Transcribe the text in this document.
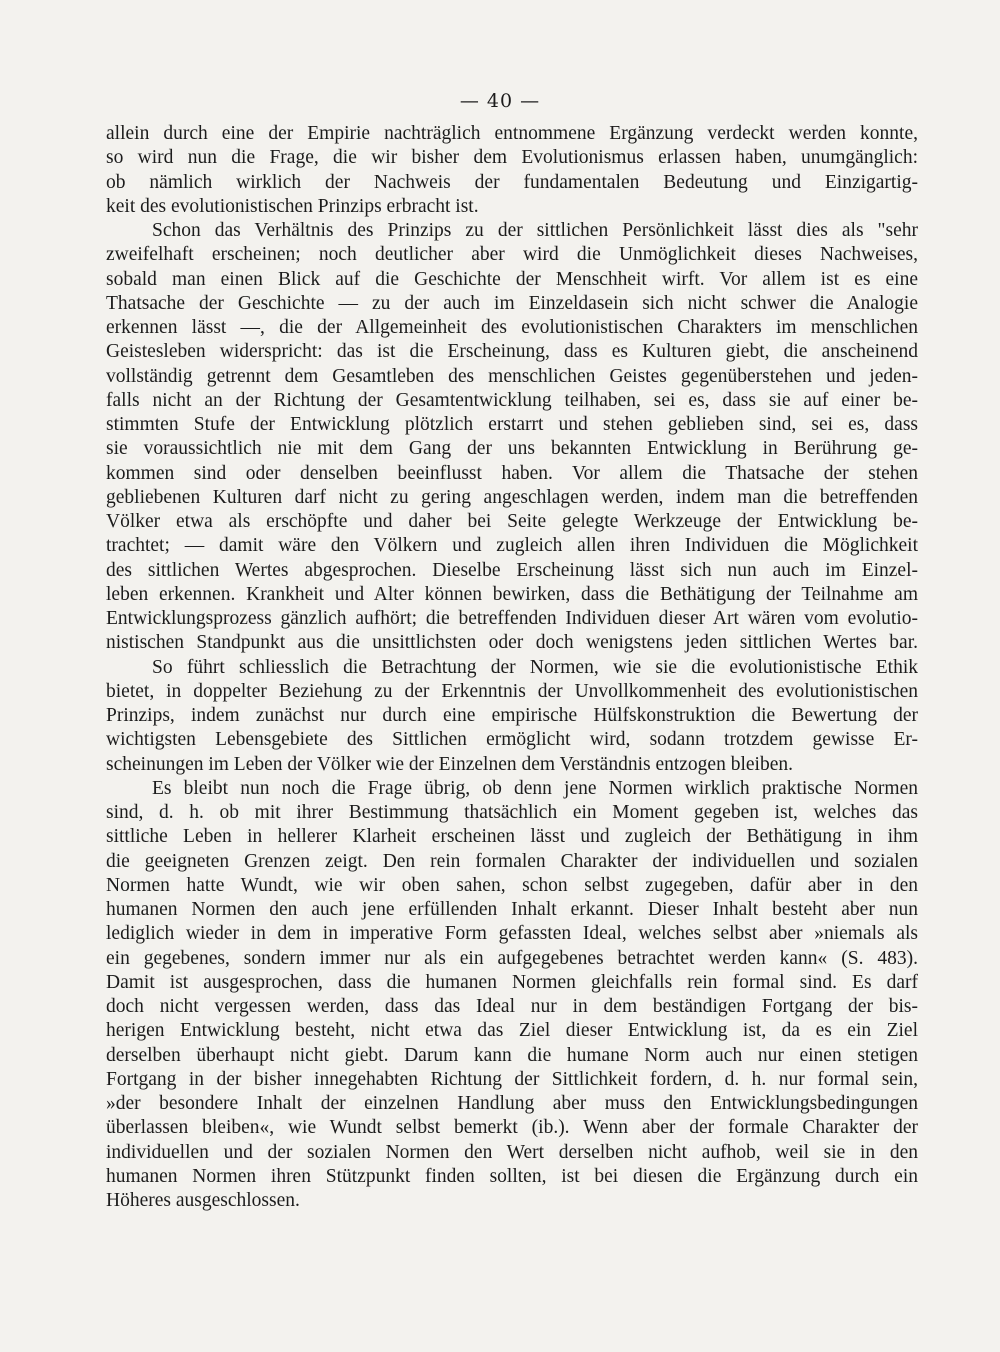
— 40 —
allein durch eine der Empirie nachträglich entnommene Ergänzung verdeckt werden konnte,
so wird nun die Frage, die wir bisher dem Evolutionismus erlassen haben, unumgänglich:
ob nämlich wirklich der Nachweis der fundamentalen Bedeutung und Einzigartig-
keit des evolutionistischen Prinzips erbracht ist.
Schon das Verhältnis des Prinzips zu der sittlichen Persönlichkeit lässt dies als "sehr
zweifelhaft erscheinen; noch deutlicher aber wird die Unmöglichkeit dieses Nachweises,
sobald man einen Blick auf die Geschichte der Menschheit wirft. Vor allem ist es eine
Thatsache der Geschichte — zu der auch im Einzeldasein sich nicht schwer die Analogie
erkennen lässt —, die der Allgemeinheit des evolutionistischen Charakters im menschlichen
Geistesleben widerspricht: das ist die Erscheinung, dass es Kulturen giebt, die anscheinend
vollständig getrennt dem Gesamtleben des menschlichen Geistes gegenüberstehen und jeden-
falls nicht an der Richtung der Gesamtentwicklung teilhaben, sei es, dass sie auf einer be-
stimmten Stufe der Entwicklung plötzlich erstarrt und stehen geblieben sind, sei es, dass
sie voraussichtlich nie mit dem Gang der uns bekannten Entwicklung in Berührung ge-
kommen sind oder denselben beeinflusst haben. Vor allem die Thatsache der stehen
gebliebenen Kulturen darf nicht zu gering angeschlagen werden, indem man die betreffenden
Völker etwa als erschöpfte und daher bei Seite gelegte Werkzeuge der Entwicklung be-
trachtet; — damit wäre den Völkern und zugleich allen ihren Individuen die Möglichkeit
des sittlichen Wertes abgesprochen. Dieselbe Erscheinung lässt sich nun auch im Einzel-
leben erkennen. Krankheit und Alter können bewirken, dass die Bethätigung der Teilnahme am
Entwicklungsprozess gänzlich aufhört; die betreffenden Individuen dieser Art wären vom evolutio-
nistischen Standpunkt aus die unsittlichsten oder doch wenigstens jeden sittlichen Wertes bar.
So führt schliesslich die Betrachtung der Normen, wie sie die evolutionistische Ethik
bietet, in doppelter Beziehung zu der Erkenntnis der Unvollkommenheit des evolutionistischen
Prinzips, indem zunächst nur durch eine empirische Hülfskonstruktion die Bewertung der
wichtigsten Lebensgebiete des Sittlichen ermöglicht wird, sodann trotzdem gewisse Er-
scheinungen im Leben der Völker wie der Einzelnen dem Verständnis entzogen bleiben.
Es bleibt nun noch die Frage übrig, ob denn jene Normen wirklich praktische Normen
sind, d. h. ob mit ihrer Bestimmung thatsächlich ein Moment gegeben ist, welches das
sittliche Leben in hellerer Klarheit erscheinen lässt und zugleich der Bethätigung in ihm
die geeigneten Grenzen zeigt. Den rein formalen Charakter der individuellen und sozialen
Normen hatte Wundt, wie wir oben sahen, schon selbst zugegeben, dafür aber in den
humanen Normen den auch jene erfüllenden Inhalt erkannt. Dieser Inhalt besteht aber nun
lediglich wieder in dem in imperative Form gefassten Ideal, welches selbst aber »niemals als
ein gegebenes, sondern immer nur als ein aufgegebenes betrachtet werden kann« (S. 483).
Damit ist ausgesprochen, dass die humanen Normen gleichfalls rein formal sind. Es darf
doch nicht vergessen werden, dass das Ideal nur in dem beständigen Fortgang der bis-
herigen Entwicklung besteht, nicht etwa das Ziel dieser Entwicklung ist, da es ein Ziel
derselben überhaupt nicht giebt. Darum kann die humane Norm auch nur einen stetigen
Fortgang in der bisher innegehabten Richtung der Sittlichkeit fordern, d. h. nur formal sein,
»der besondere Inhalt der einzelnen Handlung aber muss den Entwicklungsbedingungen
überlassen bleiben«, wie Wundt selbst bemerkt (ib.). Wenn aber der formale Charakter der
individuellen und der sozialen Normen den Wert derselben nicht aufhob, weil sie in den
humanen Normen ihren Stützpunkt finden sollten, ist bei diesen die Ergänzung durch ein
Höheres ausgeschlossen.
